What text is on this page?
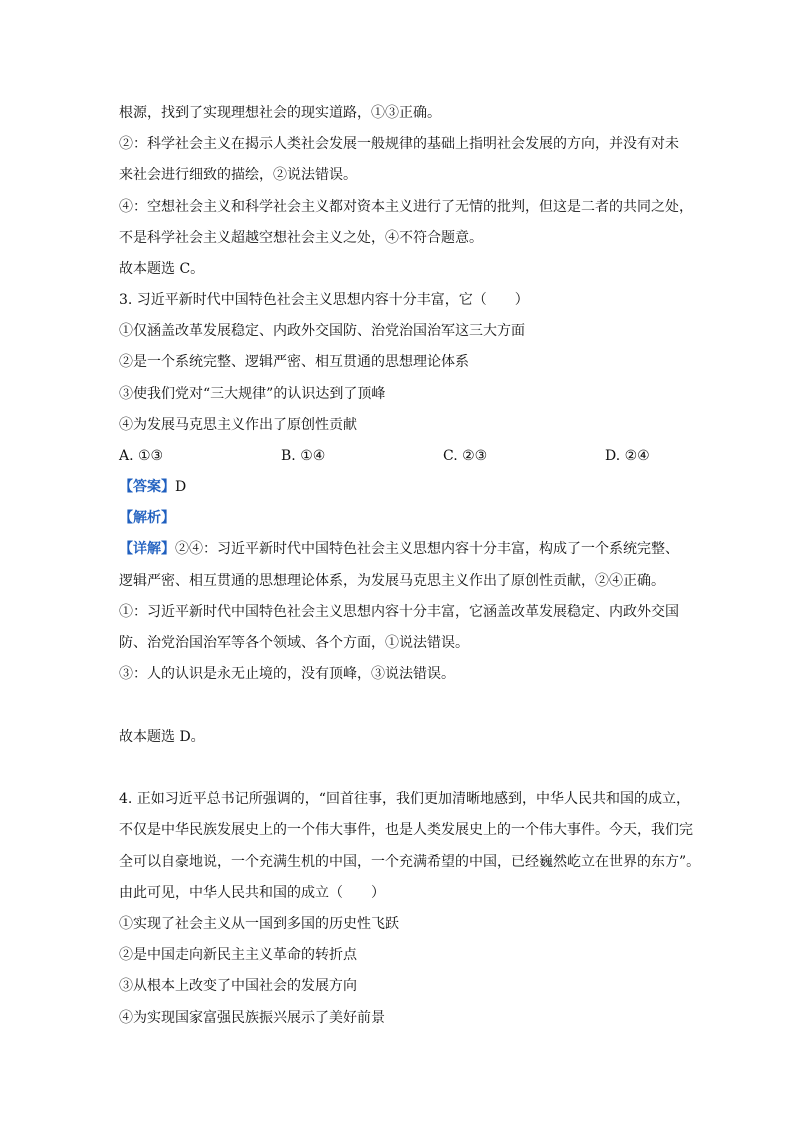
根源，找到了实现理想社会的现实道路，①③正确。
②：科学社会主义在揭示人类社会发展一般规律的基础上指明社会发展的方向，并没有对未
来社会进行细致的描绘，②说法错误。
④：空想社会主义和科学社会主义都对资本主义进行了无情的批判，但这是二者的共同之处，
不是科学社会主义超越空想社会主义之处，④不符合题意。
故本题选 C。
3. 习近平新时代中国特色社会主义思想内容十分丰富，它（　　）
①仅涵盖改革发展稳定、内政外交国防、治党治国治军这三大方面
②是一个系统完整、逻辑严密、相互贯通的思想理论体系
③使我们党对“三大规律”的认识达到了顶峰
④为发展马克思主义作出了原创性贡献
A. ①③	B. ①④	C. ②③	D. ②④
【答案】D
【解析】
【详解】②④：习近平新时代中国特色社会主义思想内容十分丰富，构成了一个系统完整、
逻辑严密、相互贯通的思想理论体系，为发展马克思主义作出了原创性贡献，②④正确。
①：习近平新时代中国特色社会主义思想内容十分丰富，它涵盖改革发展稳定、内政外交国
防、治党治国治军等各个领域、各个方面，①说法错误。
③：人的认识是永无止境的，没有顶峰，③说法错误。
故本题选 D。
4. 正如习近平总书记所强调的，“回首往事，我们更加清晰地感到，中华人民共和国的成立，
不仅是中华民族发展史上的一个伟大事件，也是人类发展史上的一个伟大事件。今天，我们完
全可以自豪地说，一个充满生机的中国，一个充满希望的中国，已经巍然屹立在世界的东方”。
由此可见，中华人民共和国的成立（　　）
①实现了社会主义从一国到多国的历史性飞跃
②是中国走向新民主主义革命的转折点
③从根本上改变了中国社会的发展方向
④为实现国家富强民族振兴展示了美好前景
